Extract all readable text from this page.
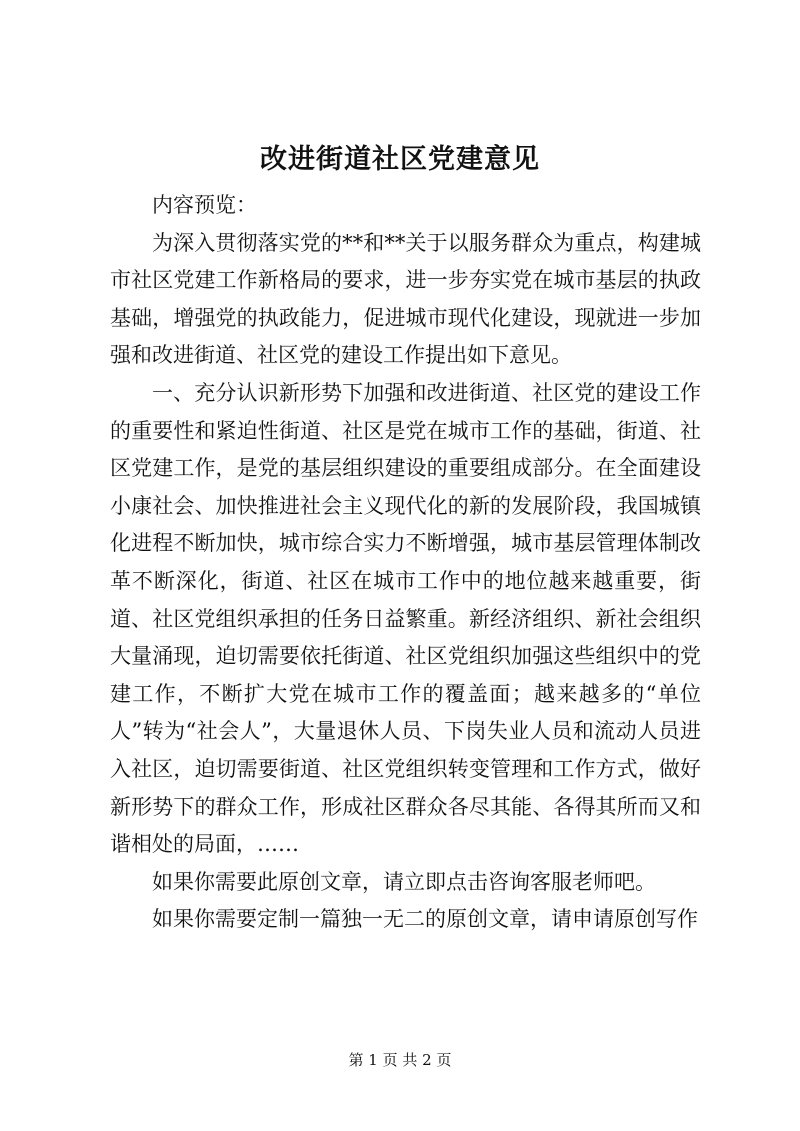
改进街道社区党建意见

内容预览：

为深入贯彻落实党的**和**关于以服务群众为重点，构建城市社区党建工作新格局的要求，进一步夯实党在城市基层的执政基础，增强党的执政能力，促进城市现代化建设，现就进一步加强和改进街道、社区党的建设工作提出如下意见。

一、充分认识新形势下加强和改进街道、社区党的建设工作的重要性和紧迫性街道、社区是党在城市工作的基础，街道、社区党建工作，是党的基层组织建设的重要组成部分。在全面建设小康社会、加快推进社会主义现代化的新的发展阶段，我国城镇化进程不断加快，城市综合实力不断增强，城市基层管理体制改革不断深化，街道、社区在城市工作中的地位越来越重要，街道、社区党组织承担的任务日益繁重。新经济组织、新社会组织大量涌现，迫切需要依托街道、社区党组织加强这些组织中的党建工作，不断扩大党在城市工作的覆盖面；越来越多的“单位人”转为“社会人”，大量退休人员、下岗失业人员和流动人员进入社区，迫切需要街道、社区党组织转变管理和工作方式，做好新形势下的群众工作，形成社区群众各尽其能、各得其所而又和谐相处的局面，……

如果你需要此原创文章，请立即点击咨询客服老师吧。

如果你需要定制一篇独一无二的原创文章，请申请原创写作

第 1 页 共 2 页
